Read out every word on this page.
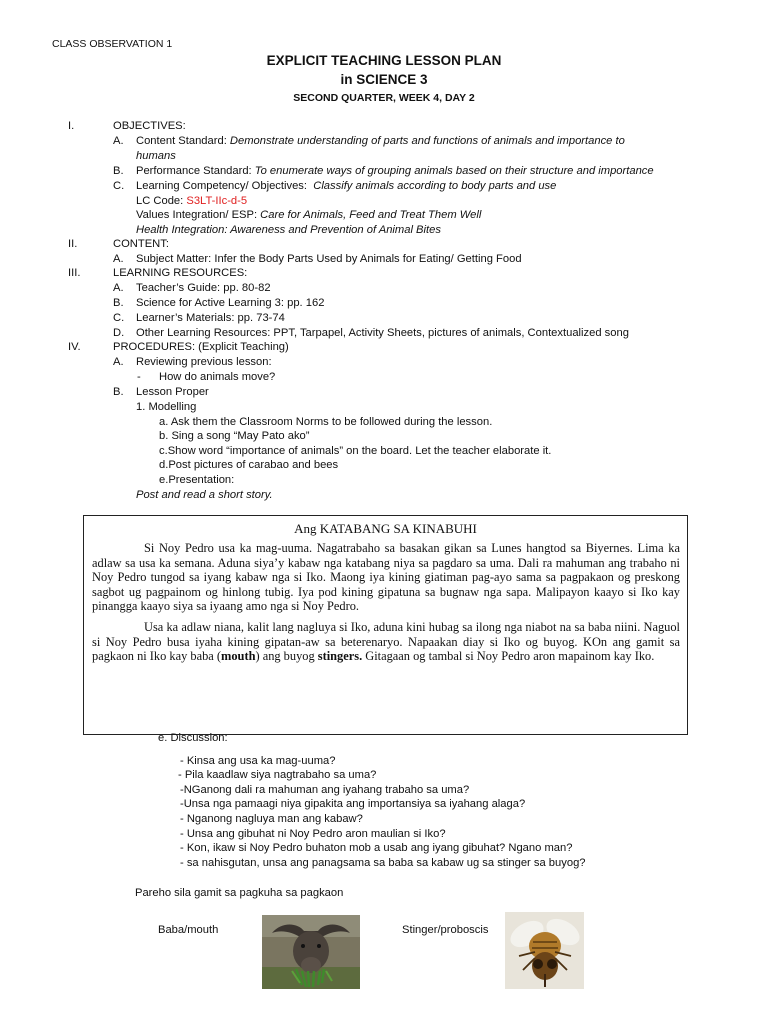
CLASS OBSERVATION 1
EXPLICIT TEACHING LESSON PLAN
in SCIENCE 3
SECOND QUARTER, WEEK 4, DAY 2
I.	OBJECTIVES:
A. Content Standard: Demonstrate understanding of parts and functions of animals and importance to
humans
B. Performance Standard: To enumerate ways of grouping animals based on their structure and importance
C. Learning Competency/ Objectives: Classify animals according to body parts and use
LC Code: S3LT-IIc-d-5
Values Integration/ ESP: Care for Animals, Feed and Treat Them Well
Health Integration: Awareness and Prevention of Animal Bites
II.	CONTENT:
A. Subject Matter: Infer the Body Parts Used by Animals for Eating/ Getting Food
III.	LEARNING RESOURCES:
A. Teacher’s Guide: pp. 80-82
B. Science for Active Learning 3: pp. 162
C. Learner’s Materials: pp. 73-74
D. Other Learning Resources: PPT, Tarpapel, Activity Sheets, pictures of animals, Contextualized song
IV.	PROCEDURES: (Explicit Teaching)
A. Reviewing previous lesson:
- How do animals move?
B. Lesson Proper
1. Modelling
a. Ask them the Classroom Norms to be followed during the lesson.
b. Sing a song “May Pato ako”
c.Show word “importance of animals” on the board. Let the teacher elaborate it.
d.Post pictures of carabao and bees
e.Presentation:
Post and read a short story.
Ang KATABANG SA KINABUHI
Si Noy Pedro usa ka mag-uuma. Nagatrabaho sa basakan gikan sa Lunes hangtod sa Biyernes. Lima ka adlaw sa usa ka semana. Aduna siya’y kabaw nga katabang niya sa pagdaro sa uma. Dali ra mahuman ang trabaho ni Noy Pedro tungod sa iyang kabaw nga si Iko. Maong iya kining giatiman pag-ayo sama sa pagpakaon og preskong sagbot ug pagpainom og hinlong tubig. Iya pod kining gipatuna sa bugnaw nga sapa. Malipayon kaayo si Iko kay pinangga kaayo siya sa iyaang amo nga si Noy Pedro.
Usa ka adlaw niana, kalit lang nagluya si Iko, aduna kini hubag sa ilong nga niabot na sa baba niini. Naguol si Noy Pedro busa iyaha kining gipatan-aw sa beterenaryo. Napaakan diay si Iko og buyog. KOn ang gamit sa pagkaon ni Iko kay baba (mouth) ang buyog stingers. Gitagaan og tambal si Noy Pedro aron mapainom kay Iko.
e. Discussion:
- Kinsa ang usa ka mag-uuma?
- Pila kaadlaw siya nagtrabaho sa uma?
-NGanong dali ra mahuman ang iyahang trabaho sa uma?
-Unsa nga pamaagi niya gipakita ang importansiya sa iyahang alaga?
- Nganong nagluya man ang kabaw?
- Unsa ang gibuhat ni Noy Pedro aron maulian si Iko?
- Kon, ikaw si Noy Pedro buhaton mob a usab ang iyang gibuhat? Ngano man?
- sa nahisgutan, unsa ang panagsama sa baba sa kabaw ug sa stinger sa buyog?
Pareho sila gamit sa pagkuha sa pagkaon
Baba/mouth	Stinger/proboscis
